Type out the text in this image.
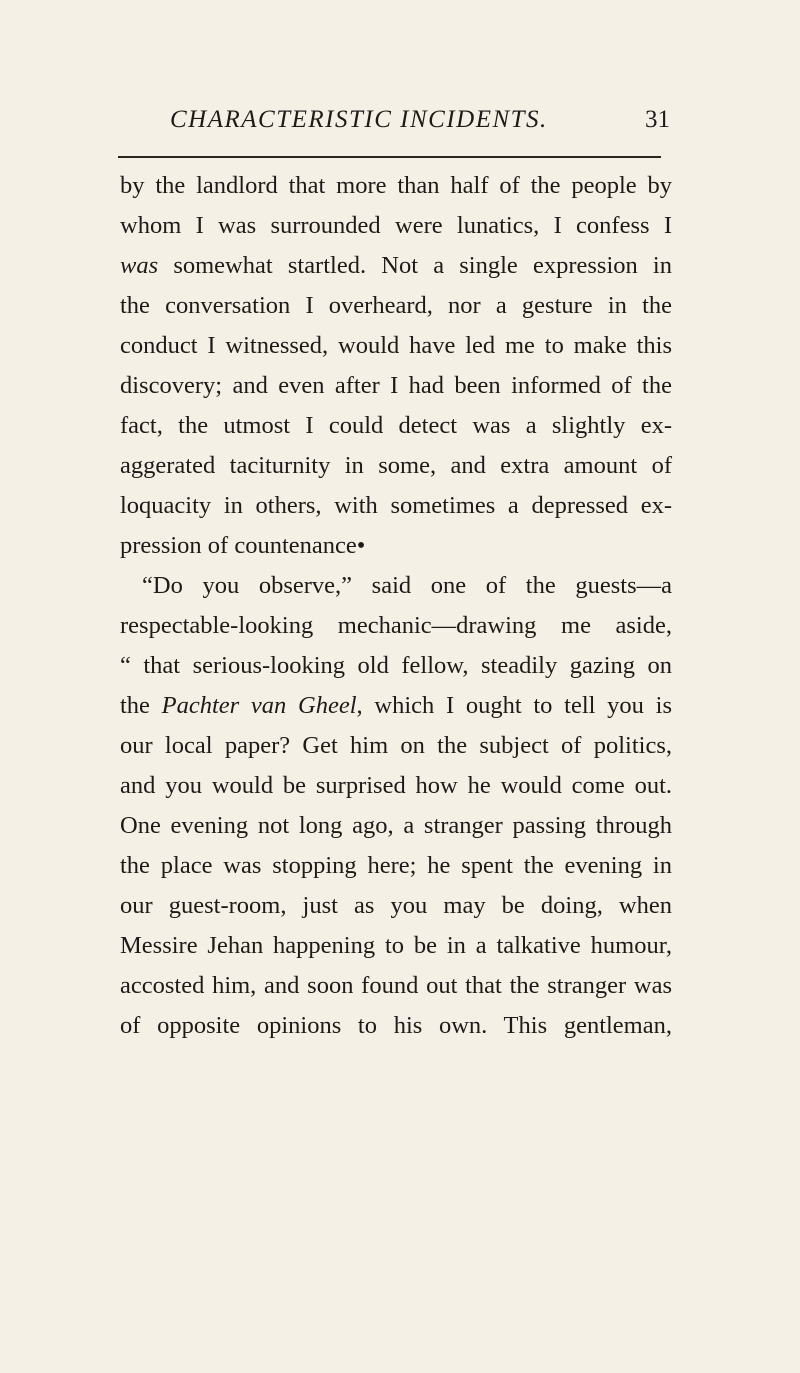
CHARACTERISTIC INCIDENTS.	31
by the landlord that more than half of the people by
whom I was surrounded were lunatics, I confess I
was somewhat startled. Not a single expression in
the conversation I overheard, nor a gesture in the
conduct I witnessed, would have led me to make this
discovery; and even after I had been informed of the
fact, the utmost I could detect was a slightly ex-
aggerated taciturnity in some, and extra amount of
loquacity in others, with sometimes a depressed ex-
pression of countenance•
“Do you observe,” said one of the guests—a
respectable-looking mechanic—drawing me aside,
“ that serious-looking old fellow, steadily gazing on
the Pachter van Gheel, which I ought to tell you is
our local paper? Get him on the subject of politics,
and you would be surprised how he would come out.
One evening not long ago, a stranger passing through
the place was stopping here; he spent the evening in
our guest-room, just as you may be doing, when
Messire Jehan happening to be in a talkative humour,
accosted him, and soon found out that the stranger was
of opposite opinions to his own. This gentleman,
